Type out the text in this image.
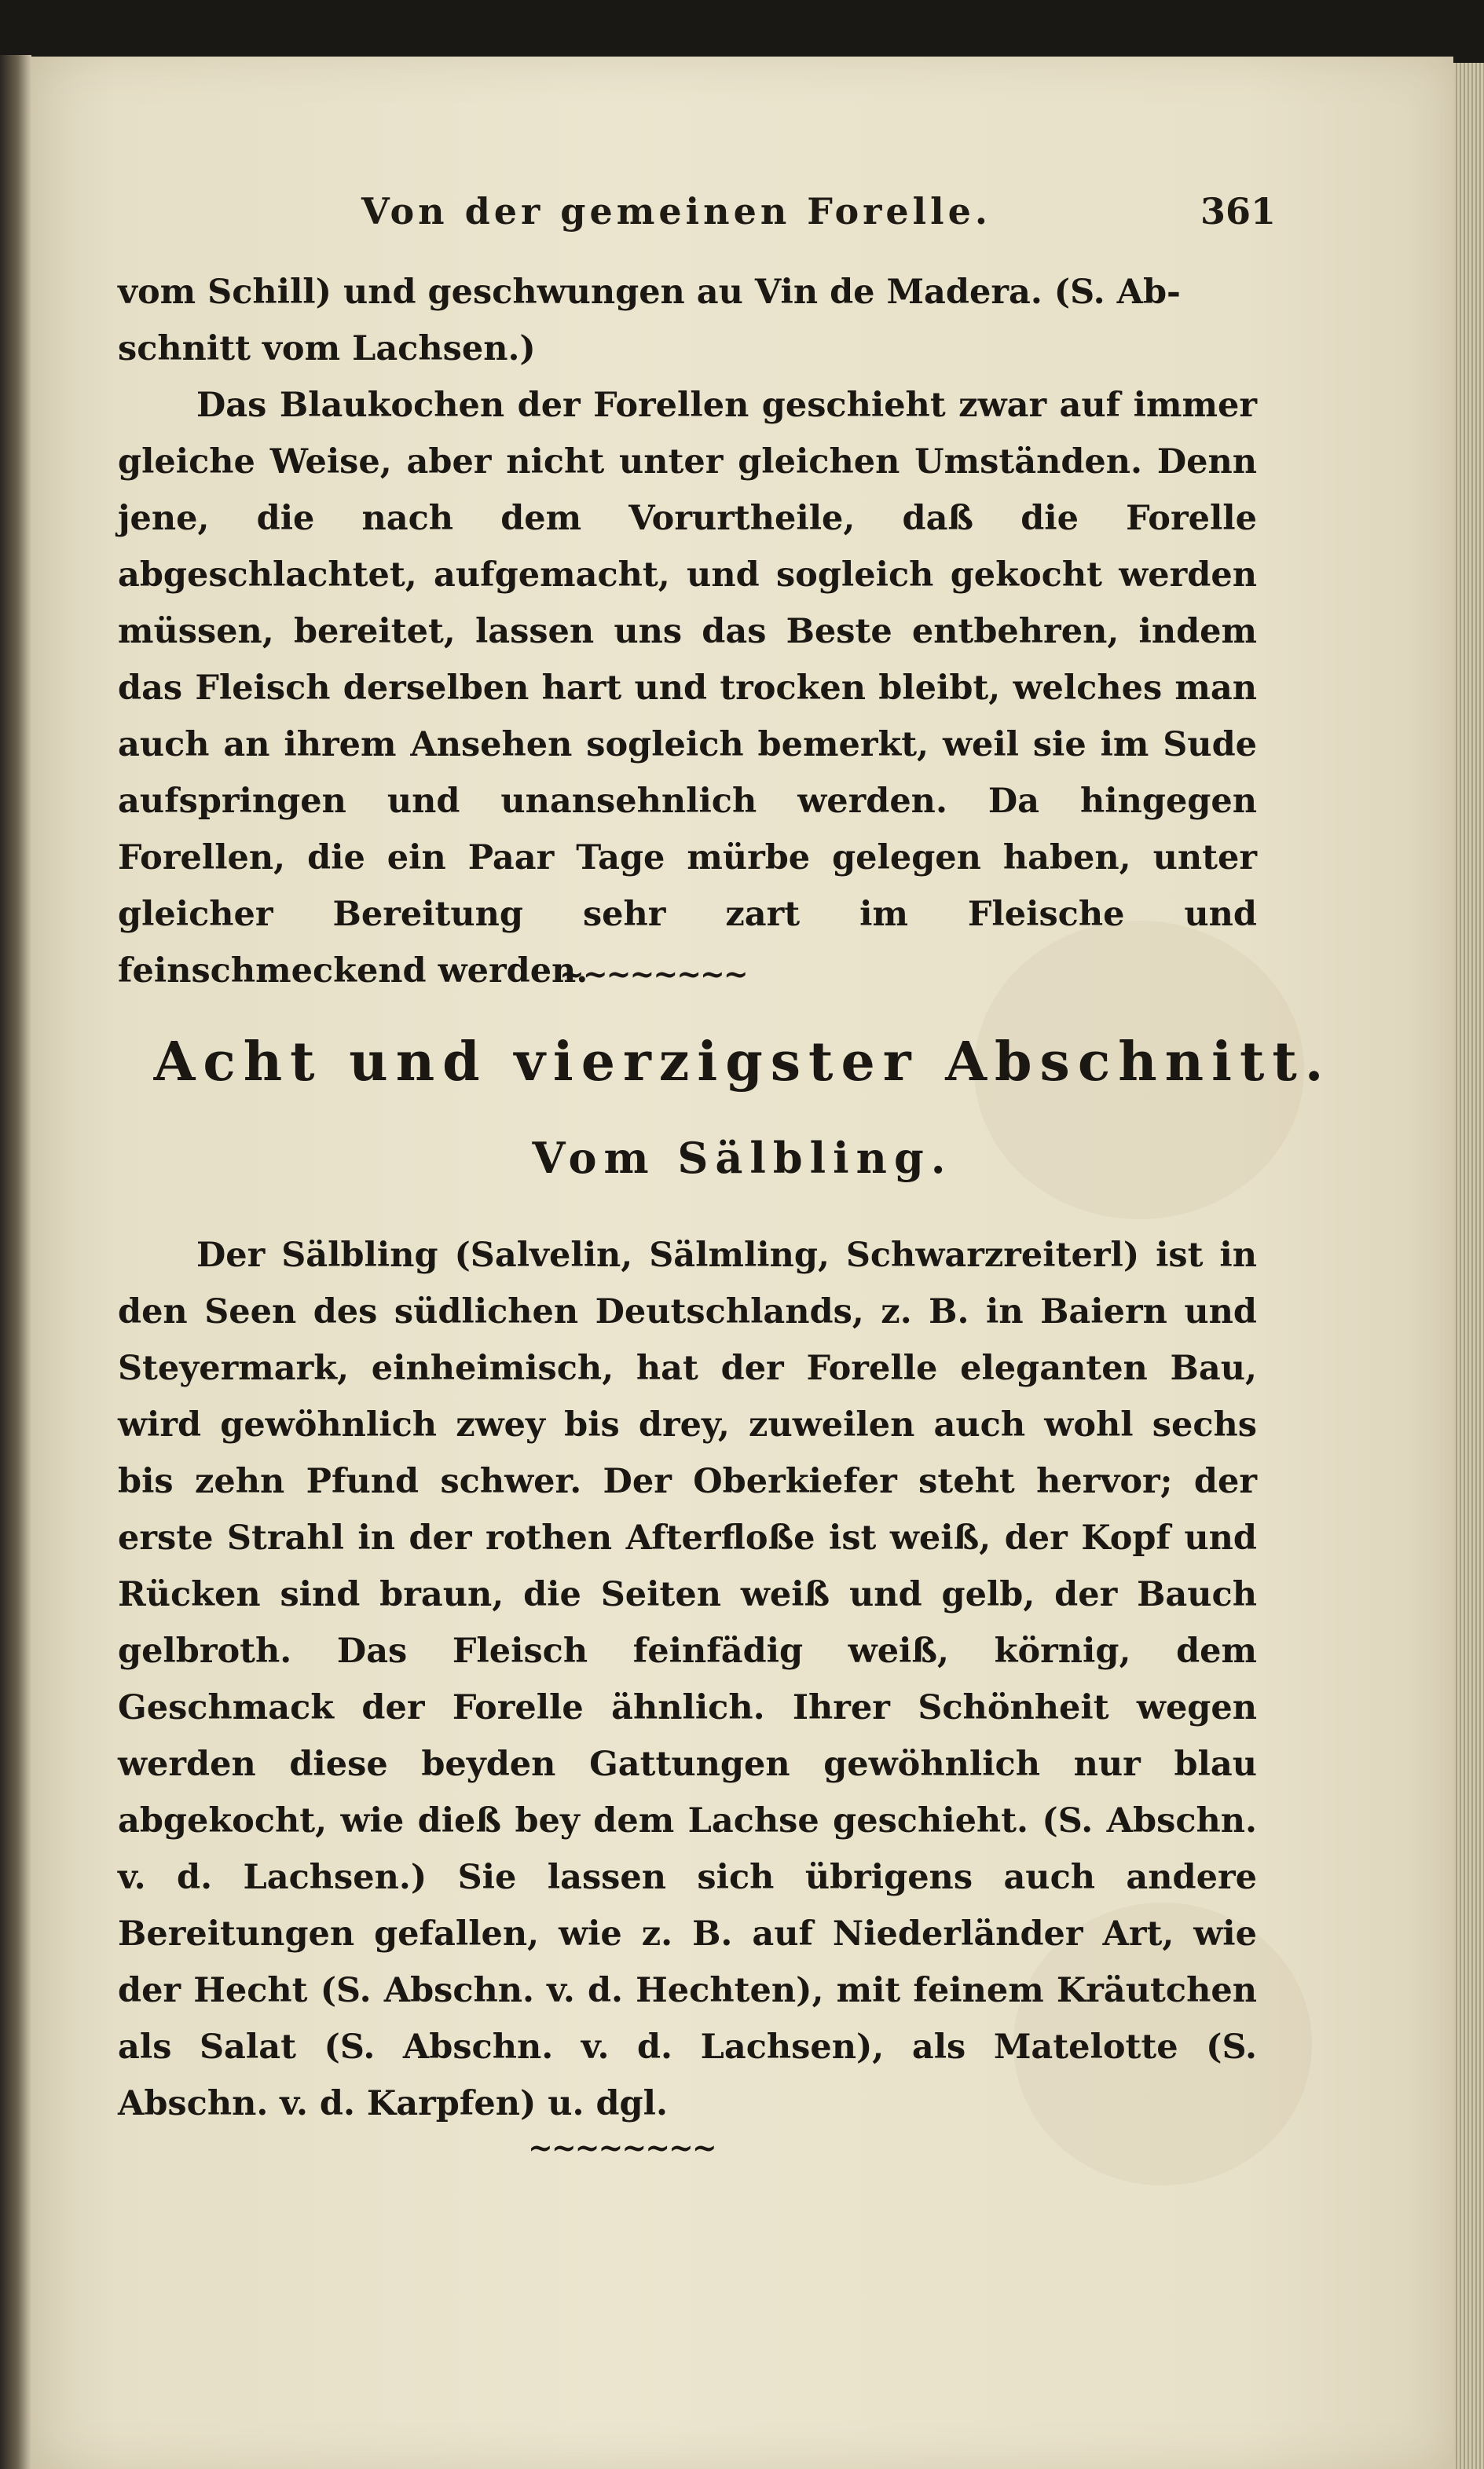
Von der gemeinen Forelle.	361
vom Schill) und geschwungen au Vin de Madera. (S. Ab-
schnitt vom Lachsen.)

Das Blaukochen der Forellen geschieht zwar auf immer gleiche Weise, aber nicht unter gleichen Umständen. Denn jene, die nach dem Vorurtheile, daß die Forelle abgeschlachtet, aufgemacht, und sogleich gekocht werden müssen, bereitet, lassen uns das Beste entbehren, indem das Fleisch derselben hart und trocken bleibt, welches man auch an ihrem Ansehen sogleich bemerkt, weil sie im Sude aufspringen und unansehnlich werden. Da hingegen Forellen, die ein Paar Tage mürbe gelegen haben, unter gleicher Bereitung sehr zart im Fleische und feinschmeckend werden.

~~~~~~~~
Acht und vierzigster Abschnitt.
Vom Sälbling.

Der Sälbling (Salvelin, Sälmling, Schwarzreiterl) ist in den Seen des südlichen Deutschlands, z. B. in Baiern und Steyermark, einheimisch, hat der Forelle eleganten Bau, wird gewöhnlich zwey bis drey, zuweilen auch wohl sechs bis zehn Pfund schwer. Der Oberkiefer steht hervor; der erste Strahl in der rothen Afterfloße ist weiß, der Kopf und Rücken sind braun, die Seiten weiß und gelb, der Bauch gelbroth. Das Fleisch feinfädig weiß, körnig, dem Geschmack der Forelle ähnlich. Ihrer Schönheit wegen werden diese beyden Gattungen gewöhnlich nur blau abgekocht, wie dieß bey dem Lachse geschieht. (S. Abschn. v. d. Lachsen.) Sie lassen sich übrigens auch andere Bereitungen gefallen, wie z. B. auf Niederländer Art, wie der Hecht (S. Abschn. v. d. Hechten), mit feinem Kräutchen als Salat (S. Abschn. v. d. Lachsen), als Matelotte (S. Abschn. v. d. Karpfen) u. dgl.

~~~~~~~~
